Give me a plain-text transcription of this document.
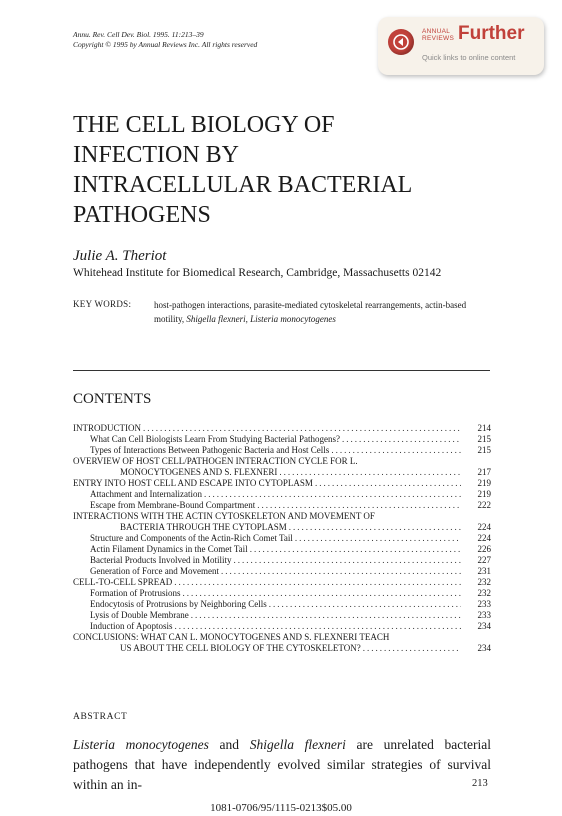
Annu. Rev. Cell Dev. Biol. 1995. 11:213–39
Copyright © 1995 by Annual Reviews Inc. All rights reserved
ANNUAL
REVIEWS Further
Quick links to online content
THE CELL BIOLOGY OF
INFECTION BY
INTRACELLULAR BACTERIAL
PATHOGENS
Julie A. Theriot
Whitehead Institute for Biomedical Research, Cambridge, Massachusetts 02142
KEY WORDS:	host-pathogen interactions, parasite-mediated cytoskeletal rearrangements, actin-based motility, Shigella flexneri, Listeria monocytogenes
CONTENTS
INTRODUCTION .....	214
What Can Cell Biologists Learn From Studying Bacterial Pathogens? .....	215
Types of Interactions Between Pathogenic Bacteria and Host Cells .....	215
OVERVIEW OF HOST CELL/PATHOGEN INTERACTION CYCLE FOR L.
MONOCYTOGENES AND S. FLEXNERI .....	217
ENTRY INTO HOST CELL AND ESCAPE INTO CYTOPLASM .....	219
Attachment and Internalization .....	219
Escape from Membrane-Bound Compartment .....	222
INTERACTIONS WITH THE ACTIN CYTOSKELETON AND MOVEMENT OF
BACTERIA THROUGH THE CYTOPLASM .....	224
Structure and Components of the Actin-Rich Comet Tail .....	224
Actin Filament Dynamics in the Comet Tail .....	226
Bacterial Products Involved in Motility .....	227
Generation of Force and Movement .....	231
CELL-TO-CELL SPREAD .....	232
Formation of Protrusions .....	232
Endocytosis of Protrusions by Neighboring Cells .....	233
Lysis of Double Membrane .....	233
Induction of Apoptosis .....	234
CONCLUSIONS: WHAT CAN L. MONOCYTOGENES AND S. FLEXNERI TEACH
US ABOUT THE CELL BIOLOGY OF THE CYTOSKELETON? .....	234
ABSTRACT
Listeria monocytogenes and Shigella flexneri are unrelated bacterial pathogens that have independently evolved similar strategies of survival within an in-	213
1081-0706/95/1115-0213$05.00
